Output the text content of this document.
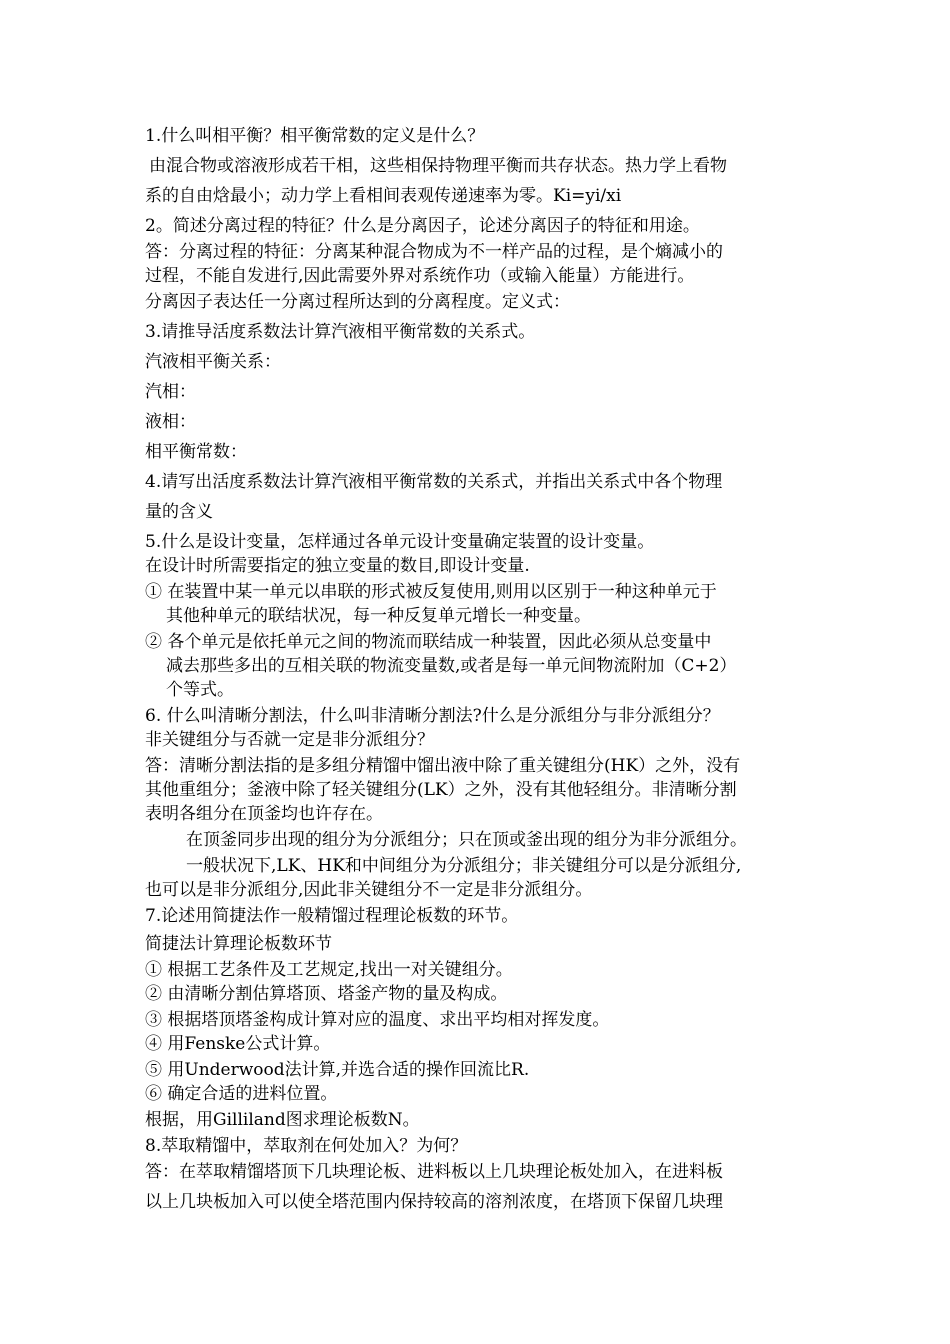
1.什么叫相平衡？相平衡常数的定义是什么？
由混合物或溶液形成若干相，这些相保持物理平衡而共存状态。热力学上看物
系的自由焓最小；动力学上看相间表观传递速率为零。Ki=yi/xi
2。简述分离过程的特征？什么是分离因子，论述分离因子的特征和用途。
答：分离过程的特征：分离某种混合物成为不一样产品的过程，是个熵减小的
过程，不能自发进行,因此需要外界对系统作功（或输入能量）方能进行。
分离因子表达任一分离过程所达到的分离程度。定义式：
3.请推导活度系数法计算汽液相平衡常数的关系式。
汽液相平衡关系：
汽相：
液相：
相平衡常数：
4.请写出活度系数法计算汽液相平衡常数的关系式，并指出关系式中各个物理
量的含义
5.什么是设计变量，怎样通过各单元设计变量确定装置的设计变量。
在设计时所需要指定的独立变量的数目,即设计变量.
① 在装置中某一单元以串联的形式被反复使用,则用以区别于一种这种单元于
其他种单元的联结状况，每一种反复单元增长一种变量。
② 各个单元是依托单元之间的物流而联结成一种装置，因此必须从总变量中
减去那些多出的互相关联的物流变量数,或者是每一单元间物流附加（C+2）
个等式。
6. 什么叫清晰分割法，什么叫非清晰分割法?什么是分派组分与非分派组分？
非关键组分与否就一定是非分派组分？
答：清晰分割法指的是多组分精馏中馏出液中除了重关键组分(HK）之外，没有
其他重组分；釜液中除了轻关键组分(LK）之外，没有其他轻组分。非清晰分割
表明各组分在顶釜均也许存在。
在顶釜同步出现的组分为分派组分；只在顶或釜出现的组分为非分派组分。
一般状况下,LK、HK和中间组分为分派组分；非关键组分可以是分派组分,
也可以是非分派组分,因此非关键组分不一定是非分派组分。
7.论述用简捷法作一般精馏过程理论板数的环节。
简捷法计算理论板数环节
① 根据工艺条件及工艺规定,找出一对关键组分。
② 由清晰分割估算塔顶、塔釜产物的量及构成。
③ 根据塔顶塔釜构成计算对应的温度、求出平均相对挥发度。
④ 用Fenske公式计算。
⑤ 用Underwood法计算,并选合适的操作回流比R.
⑥ 确定合适的进料位置。
根据，用Gilliland图求理论板数N。
8.萃取精馏中，萃取剂在何处加入？为何？
答：在萃取精馏塔顶下几块理论板、进料板以上几块理论板处加入，在进料板
以上几块板加入可以使全塔范围内保持较高的溶剂浓度，在塔顶下保留几块理
